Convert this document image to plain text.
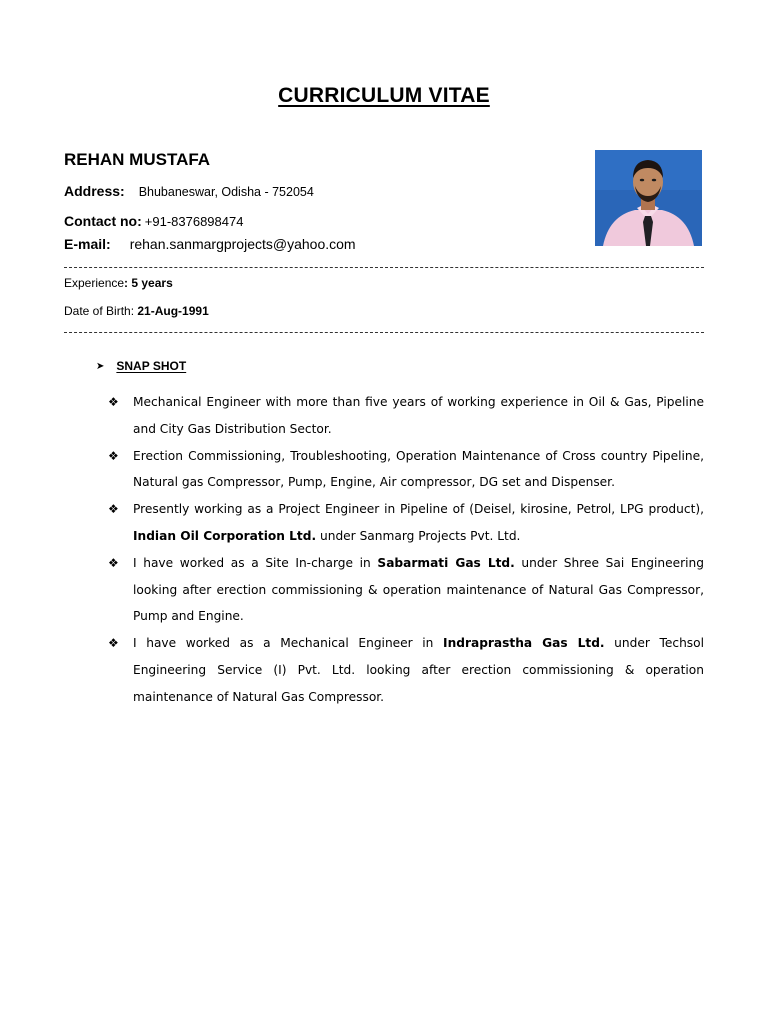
CURRICULUM VITAE
REHAN MUSTAFA
Address: Bhubaneswar, Odisha - 752054
Contact no: +91-8376898474
E-mail: rehan.sanmargprojects@yahoo.com
Experience: 5 years
Date of Birth: 21-Aug-1991
➤ SNAP SHOT
❖	Mechanical Engineer with more than five years of working experience in Oil & Gas, Pipeline and City Gas Distribution Sector.
❖	Erection Commissioning, Troubleshooting, Operation Maintenance of Cross country Pipeline, Natural gas Compressor, Pump, Engine, Air compressor, DG set and Dispenser.
❖	Presently working as a Project Engineer in Pipeline of (Deisel, kirosine, Petrol, LPG product), Indian Oil Corporation Ltd. under Sanmarg Projects Pvt. Ltd.
❖	I have worked as a Site In-charge in Sabarmati Gas Ltd. under Shree Sai Engineering looking after erection commissioning & operation maintenance of Natural Gas Compressor, Pump and Engine.
❖	I have worked as a Mechanical Engineer in Indraprastha Gas Ltd. under Techsol Engineering Service (I) Pvt. Ltd. looking after erection commissioning & operation maintenance of Natural Gas Compressor.
